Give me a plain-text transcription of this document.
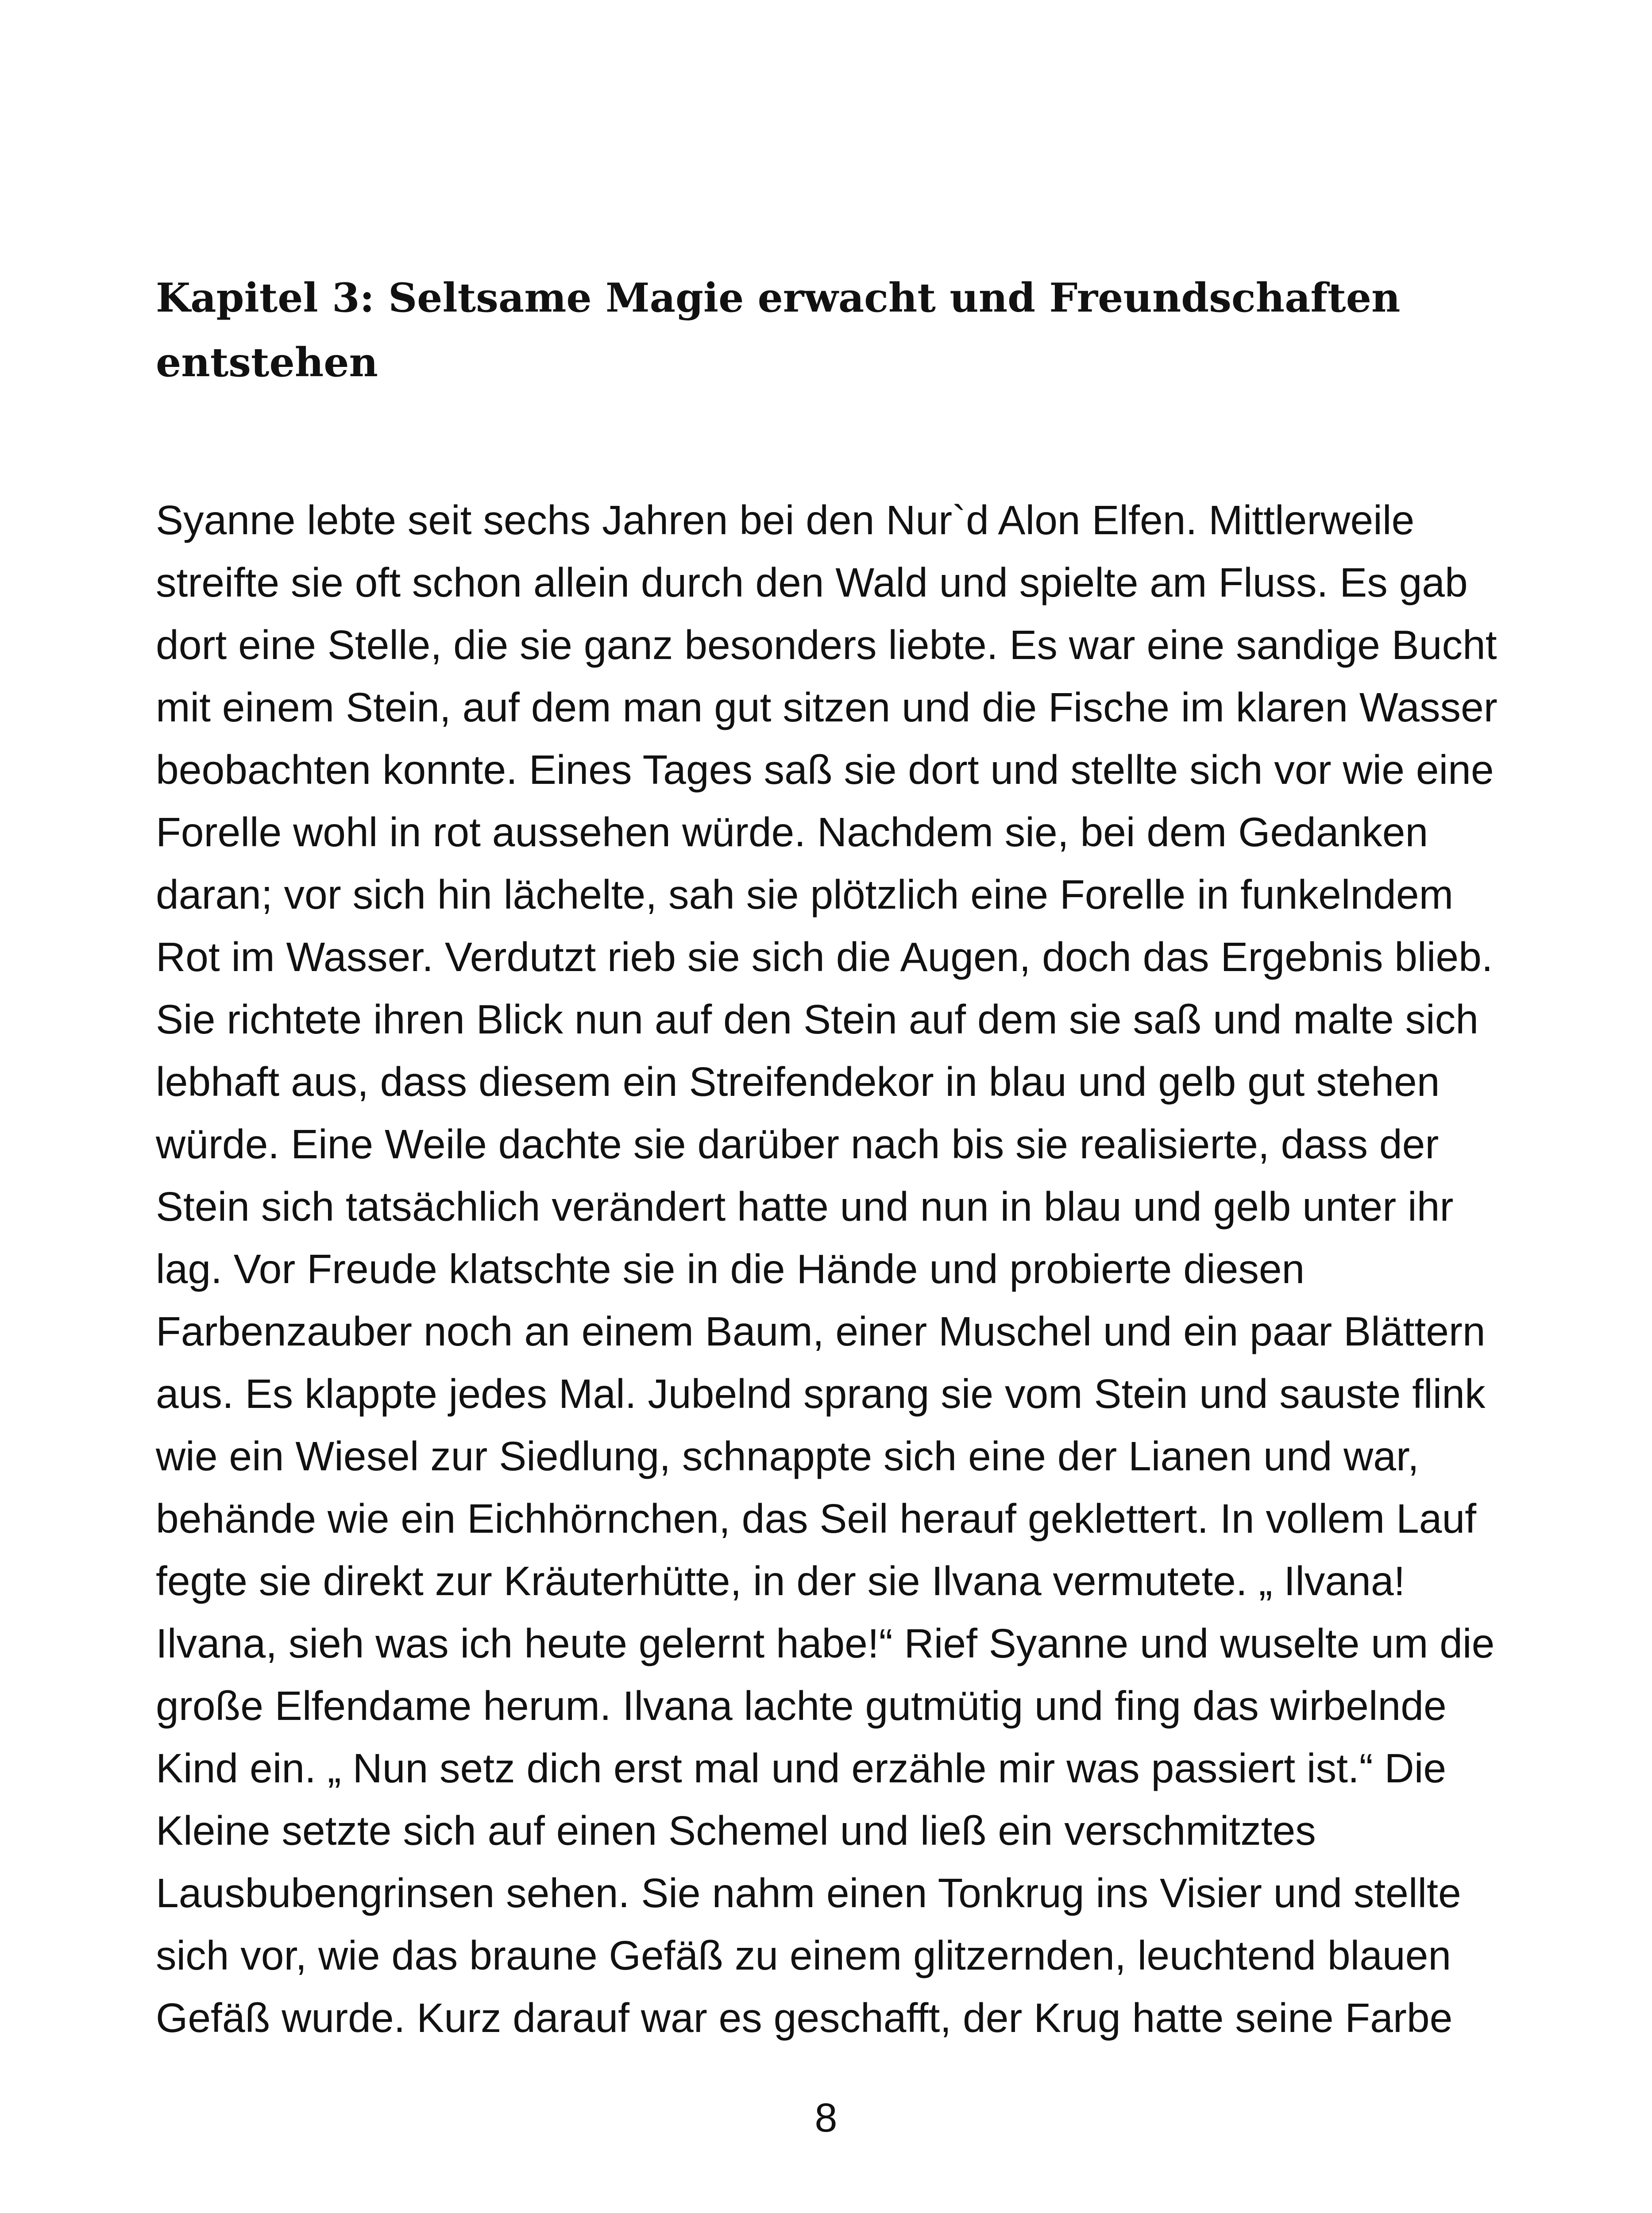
Kapitel 3: Seltsame Magie erwacht und Freundschaften
entstehen
Syanne lebte seit sechs Jahren bei den Nur`d Alon Elfen. Mittlerweile
streifte sie oft schon allein durch den Wald und spielte am Fluss. Es gab
dort eine Stelle, die sie ganz besonders liebte. Es war eine sandige Bucht
mit einem Stein, auf dem man gut sitzen und die Fische im klaren Wasser
beobachten konnte. Eines Tages saß sie dort und stellte sich vor wie eine
Forelle wohl in rot aussehen würde. Nachdem sie, bei dem Gedanken
daran; vor sich hin lächelte, sah sie plötzlich eine Forelle in funkelndem
Rot im Wasser. Verdutzt rieb sie sich die Augen, doch das Ergebnis blieb.
Sie richtete ihren Blick nun auf den Stein auf dem sie saß und malte sich
lebhaft aus, dass diesem ein Streifendekor in blau und gelb gut stehen
würde. Eine Weile dachte sie darüber nach bis sie realisierte, dass der
Stein sich tatsächlich verändert hatte und nun in blau und gelb unter ihr
lag. Vor Freude klatschte sie in die Hände und probierte diesen
Farbenzauber noch an einem Baum, einer Muschel und ein paar Blättern
aus. Es klappte jedes Mal. Jubelnd sprang sie vom Stein und sauste flink
wie ein Wiesel zur Siedlung, schnappte sich eine der Lianen und war,
behände wie ein Eichhörnchen, das Seil herauf geklettert. In vollem Lauf
fegte sie direkt zur Kräuterhütte, in der sie Ilvana vermutete. „ Ilvana!
Ilvana, sieh was ich heute gelernt habe!“ Rief Syanne und wuselte um die
große Elfendame herum. Ilvana lachte gutmütig und fing das wirbelnde
Kind ein. „ Nun setz dich erst mal und erzähle mir was passiert ist.“ Die
Kleine setzte sich auf einen Schemel und ließ ein verschmitztes
Lausbubengrinsen sehen. Sie nahm einen Tonkrug ins Visier und stellte
sich vor, wie das braune Gefäß zu einem glitzernden, leuchtend blauen
Gefäß wurde. Kurz darauf war es geschafft, der Krug hatte seine Farbe
8
